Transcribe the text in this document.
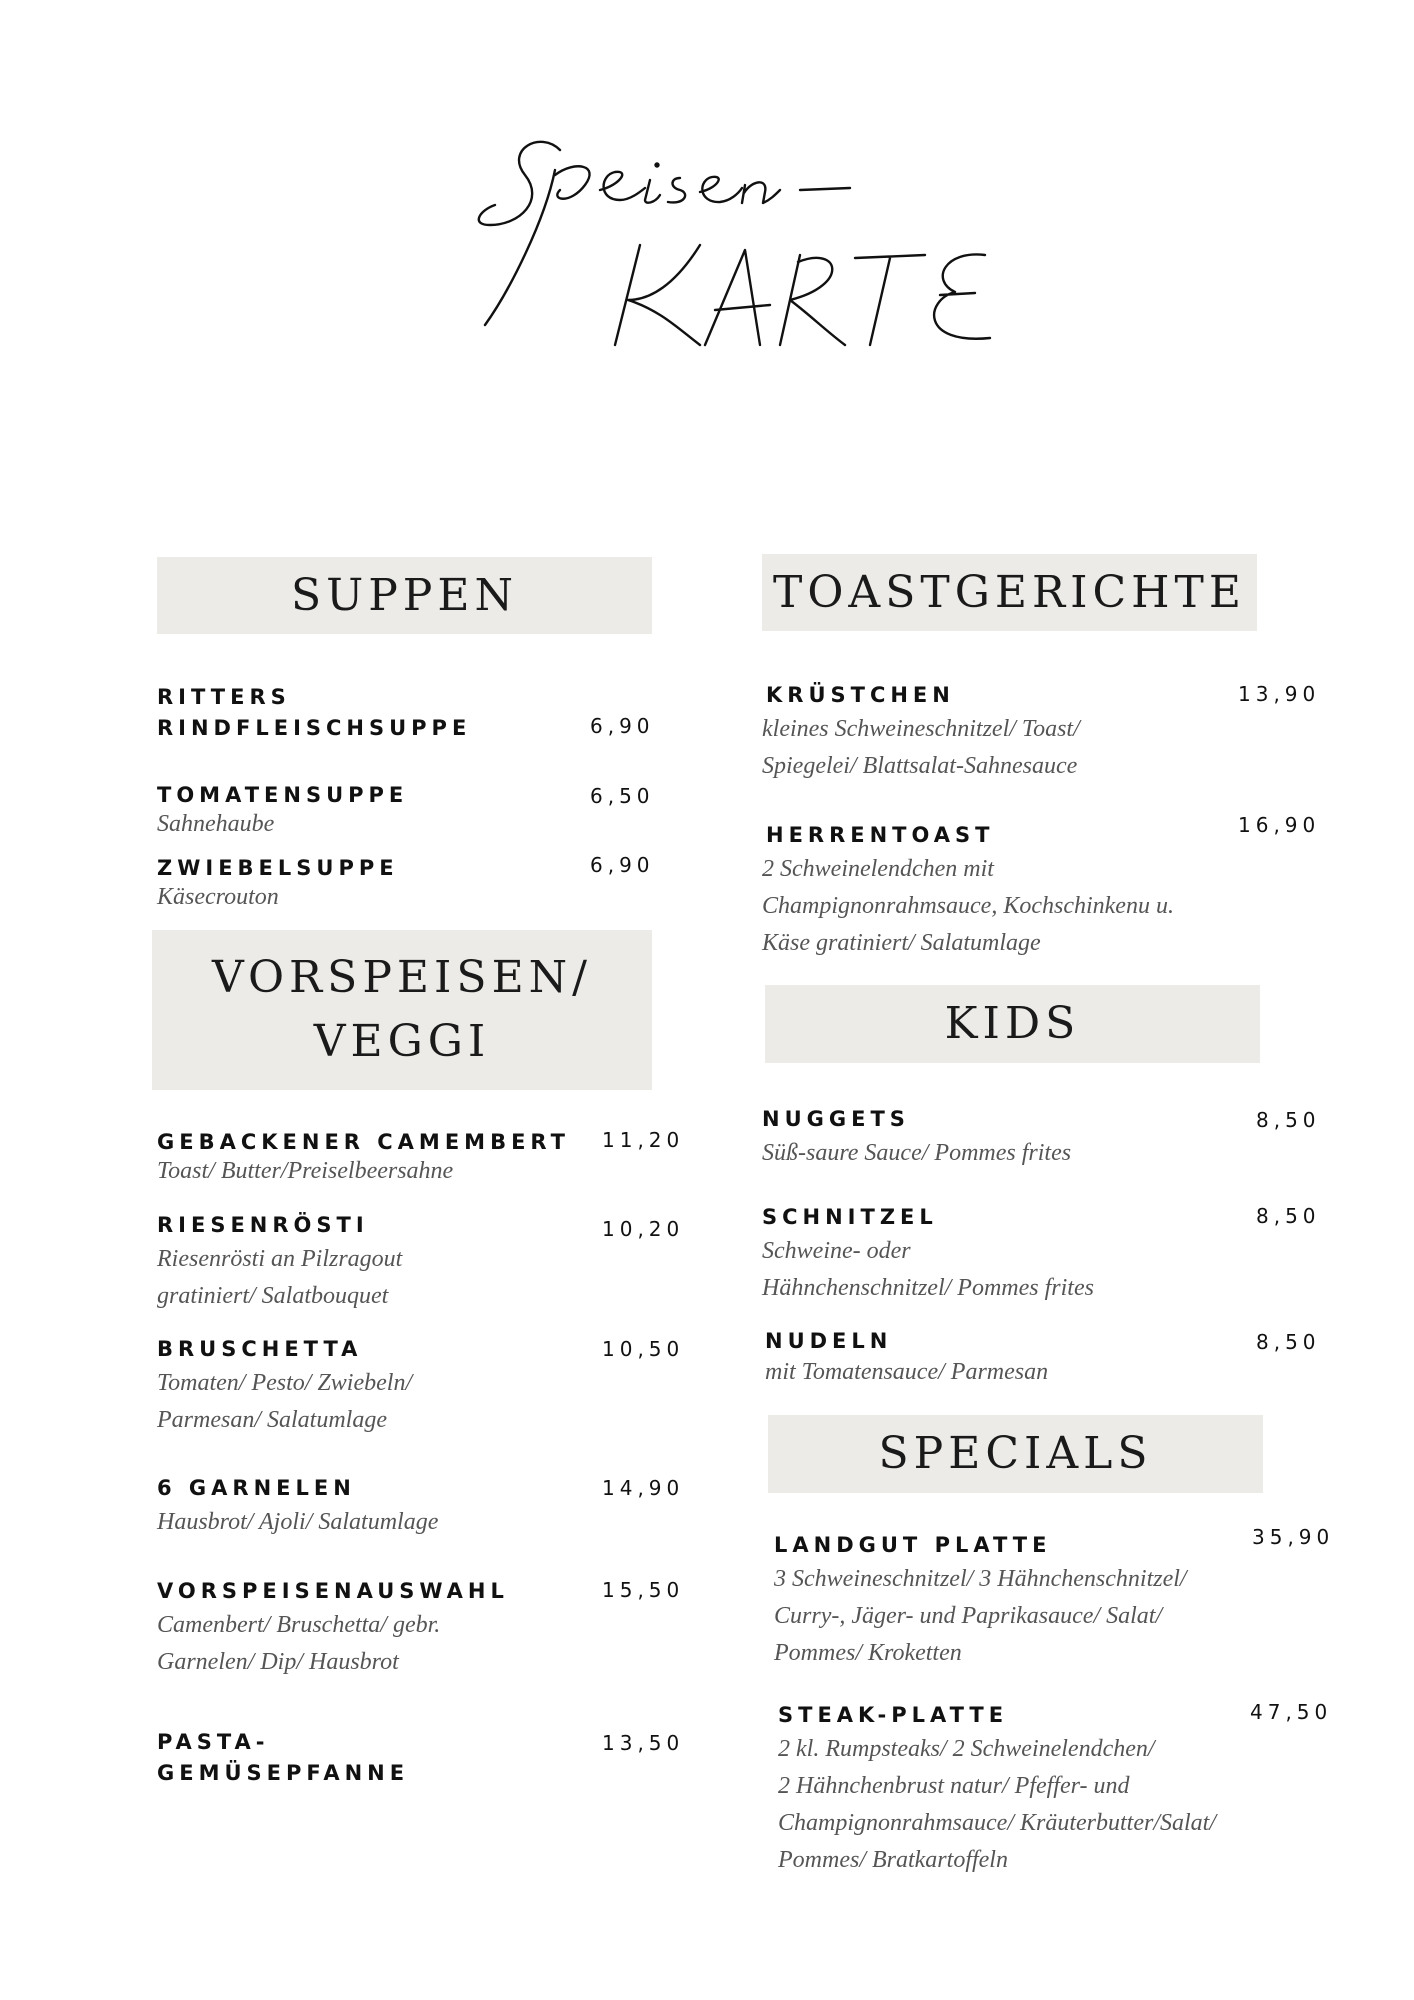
SUPPEN
RITTERS
RINDFLEISCHSUPPE	6,90
TOMATENSUPPE
Sahnehaube
6,50
ZWIEBELSUPPE
Käsecrouton
6,90
VORSPEISEN/
VEGGI
GEBACKENER CAMEMBERT
Toast/ Butter/Preiselbeersahne
11,20
RIESENRÖSTI
Riesenrösti an Pilzragout
gratiniert/ Salatbouquet
10,20
BRUSCHETTA
Tomaten/ Pesto/ Zwiebeln/
Parmesan/ Salatumlage
10,50
6 GARNELEN
Hausbrot/ Ajoli/ Salatumlage
14,90
VORSPEISENAUSWAHL
Camenbert/ Bruschetta/ gebr.
Garnelen/ Dip/ Hausbrot
15,50
PASTA-
GEMÜSEPFANNE
13,50
TOASTGERICHTE
KRÜSTCHEN
kleines Schweineschnitzel/ Toast/
Spiegelei/ Blattsalat-Sahnesauce
13,90
HERRENTOAST
2 Schweinelendchen mit
Champignonrahmsauce, Kochschinkenu u.
Käse gratiniert/ Salatumlage
16,90
KIDS
NUGGETS
Süß-saure Sauce/ Pommes frites
8,50
SCHNITZEL
Schweine- oder
Hähnchenschnitzel/ Pommes frites
8,50
NUDELN
mit Tomatensauce/ Parmesan
8,50
SPECIALS
LANDGUT PLATTE
3 Schweineschnitzel/ 3 Hähnchenschnitzel/
Curry-, Jäger- und Paprikasauce/ Salat/
Pommes/ Kroketten
35,90
STEAK-PLATTE
2 kl. Rumpsteaks/ 2 Schweinelendchen/
2 Hähnchenbrust natur/ Pfeffer- und
Champignonrahmsauce/ Kräuterbutter/Salat/
Pommes/ Bratkartoffeln
47,50
